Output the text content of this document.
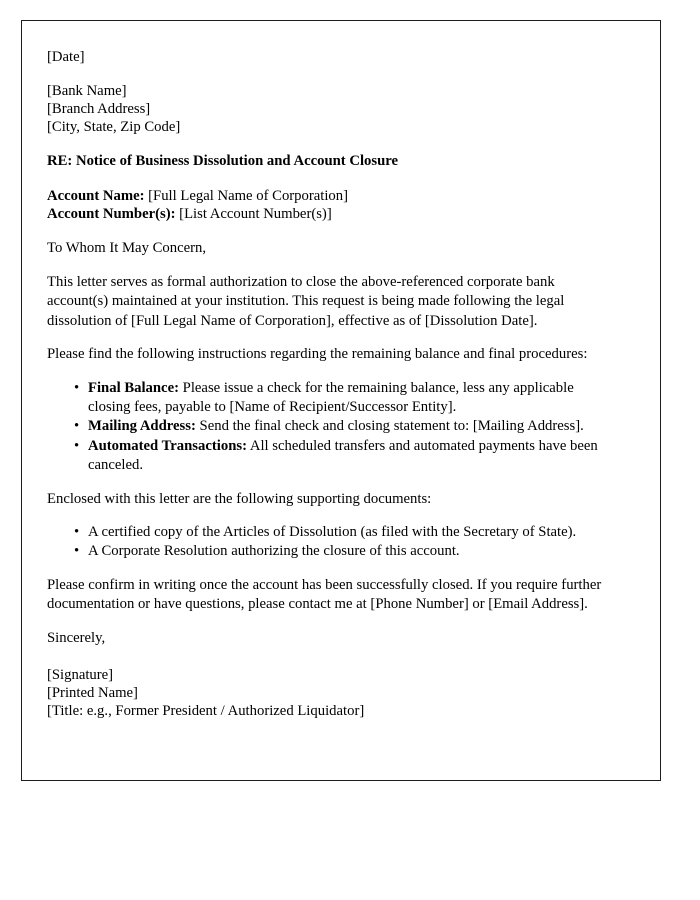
[Date]
[Bank Name]
[Branch Address]
[City, State, Zip Code]
RE: Notice of Business Dissolution and Account Closure
Account Name: [Full Legal Name of Corporation]
Account Number(s): [List Account Number(s)]
To Whom It May Concern,

This letter serves as formal authorization to close the above-referenced corporate bank account(s) maintained at your institution. This request is being made following the legal dissolution of [Full Legal Name of Corporation], effective as of [Dissolution Date].

Please find the following instructions regarding the remaining balance and final procedures:

• Final Balance: Please issue a check for the remaining balance, less any applicable closing fees, payable to [Name of Recipient/Successor Entity].
• Mailing Address: Send the final check and closing statement to: [Mailing Address].
• Automated Transactions: All scheduled transfers and automated payments have been canceled.

Enclosed with this letter are the following supporting documents:

• A certified copy of the Articles of Dissolution (as filed with the Secretary of State).
• A Corporate Resolution authorizing the closure of this account.

Please confirm in writing once the account has been successfully closed. If you require further documentation or have questions, please contact me at [Phone Number] or [Email Address].

Sincerely,
[Signature]
[Printed Name]
[Title: e.g., Former President / Authorized Liquidator]
